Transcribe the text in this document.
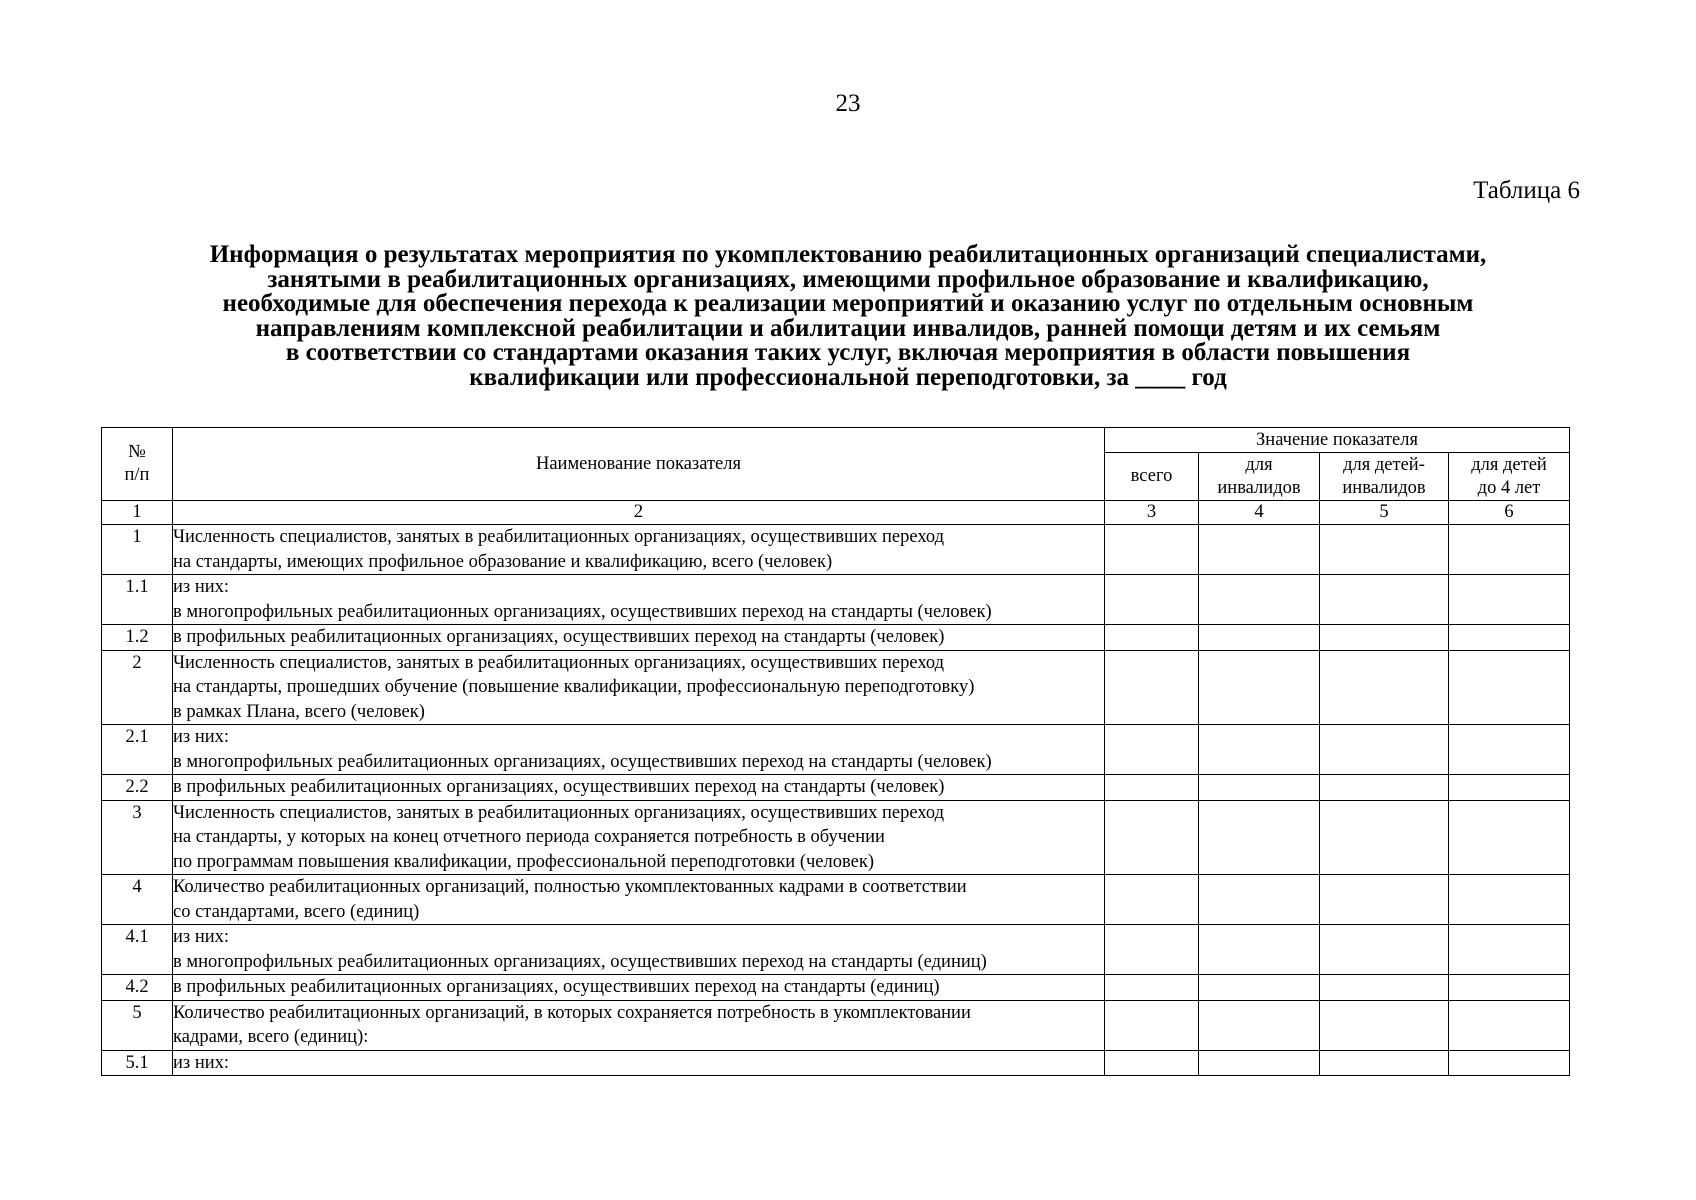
23
Таблица 6
Информация о результатах мероприятия по укомплектованию реабилитационных организаций специалистами,
занятыми в реабилитационных организациях, имеющими профильное образование и квалификацию,
необходимые для обеспечения перехода к реализации мероприятий и оказанию услуг по отдельным основным
направлениям комплексной реабилитации и абилитации инвалидов, ранней помощи детям и их семьям
в соответствии со стандартами оказания таких услуг, включая мероприятия в области повышения
квалификации или профессиональной переподготовки, за ____ год
№ п/п	Наименование показателя	Значение показателя			
		всего	для инвалидов	для детей-инвалидов	для детей до 4 лет
1	2	3	4	5	6
1	Численность специалистов, занятых в реабилитационных организациях, осуществивших переход
на стандарты, имеющих профильное образование и квалификацию, всего (человек)				

1.1	из них:
в многопрофильных реабилитационных организациях, осуществивших переход на стандарты (человек)				

1.2	в профильных реабилитационных организациях, осуществивших переход на стандарты (человек)				

2	Численность специалистов, занятых в реабилитационных организациях, осуществивших переход
на стандарты, прошедших обучение (повышение квалификации, профессиональную переподготовку)
в рамках Плана, всего (человек)				

2.1	из них:
в многопрофильных реабилитационных организациях, осуществивших переход на стандарты (человек)				

2.2	в профильных реабилитационных организациях, осуществивших переход на стандарты (человек)				

3	Численность специалистов, занятых в реабилитационных организациях, осуществивших переход
на стандарты, у которых на конец отчетного периода сохраняется потребность в обучении
по программам повышения квалификации, профессиональной переподготовки (человек)				

4	Количество реабилитационных организаций, полностью укомплектованных кадрами в соответствии
со стандартами, всего (единиц)				

4.1	из них:
в многопрофильных реабилитационных организациях, осуществивших переход на стандарты (единиц)				

4.2	в профильных реабилитационных организациях, осуществивших переход на стандарты (единиц)				

5	Количество реабилитационных организаций, в которых сохраняется потребность в укомплектовании
кадрами, всего (единиц):				

5.1	из них:				
